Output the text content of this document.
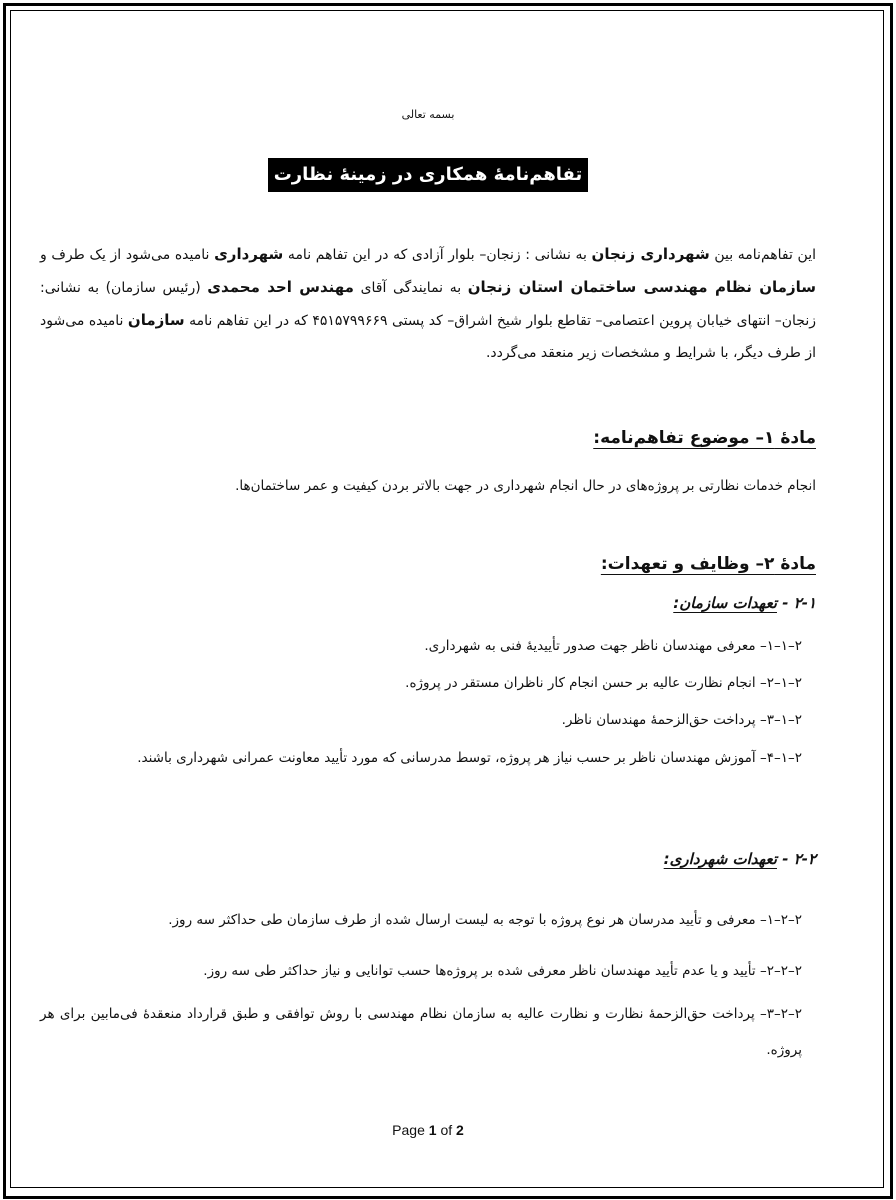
بسمه تعالی
تفاهم‌نامهٔ همکاری در زمینهٔ نظارت
این تفاهم‌نامه بین شهرداری زنجان به نشانی : زنجان– بلوار آزادی که در این تفاهم نامه شهرداری نامیده می‌شود از یک طرف و سازمان نظام مهندسی ساختمان استان زنجان به نمایندگی آقای مهندس احد محمدی (رئیس سازمان) به نشانی: زنجان– انتهای خیابان پروین اعتصامی– تقاطع بلوار شیخ اشراق– کد پستی ۴۵۱۵۷۹۹۶۶۹ که در این تفاهم نامه سازمان نامیده می‌شود از طرف دیگر، با شرایط و مشخصات زیر منعقد می‌گردد.
مادهٔ ۱– موضوع تفاهم‌نامه:
انجام خدمات نظارتی بر پروژه‌های در حال انجام شهرداری در جهت بالاتر بردن کیفیت و عمر ساختمان‌ها.
مادهٔ ۲– وظایف و تعهدات:
۲-۱ - تعهدات سازمان:
۲–۱–۱– معرفی مهندسان ناظر جهت صدور تأییدیهٔ فنی به شهرداری.
۲–۱–۲– انجام نظارت عالیه بر حسن انجام کار ناظران مستقر در پروژه.
۲–۱–۳– پرداخت حق‌الزحمهٔ مهندسان ناظر.
۲–۱–۴– آموزش مهندسان ناظر بر حسب نیاز هر پروژه، توسط مدرسانی که مورد تأیید معاونت عمرانی شهرداری باشند.
۲-۲ - تعهدات شهرداری:
۲–۲–۱– معرفی و تأیید مدرسان هر نوع پروژه با توجه به لیست ارسال شده از طرف سازمان طی حداکثر سه روز.
۲–۲–۲– تأیید و یا عدم تأیید مهندسان ناظر معرفی شده بر پروژه‌ها حسب توانایی و نیاز حداکثر طی سه روز.
۲–۲–۳– پرداخت حق‌الزحمهٔ نظارت و نظارت عالیه به سازمان نظام مهندسی با روش توافقی و طبق قرارداد منعقدهٔ فی‌مابین برای هر پروژه.
Page 1 of 2
